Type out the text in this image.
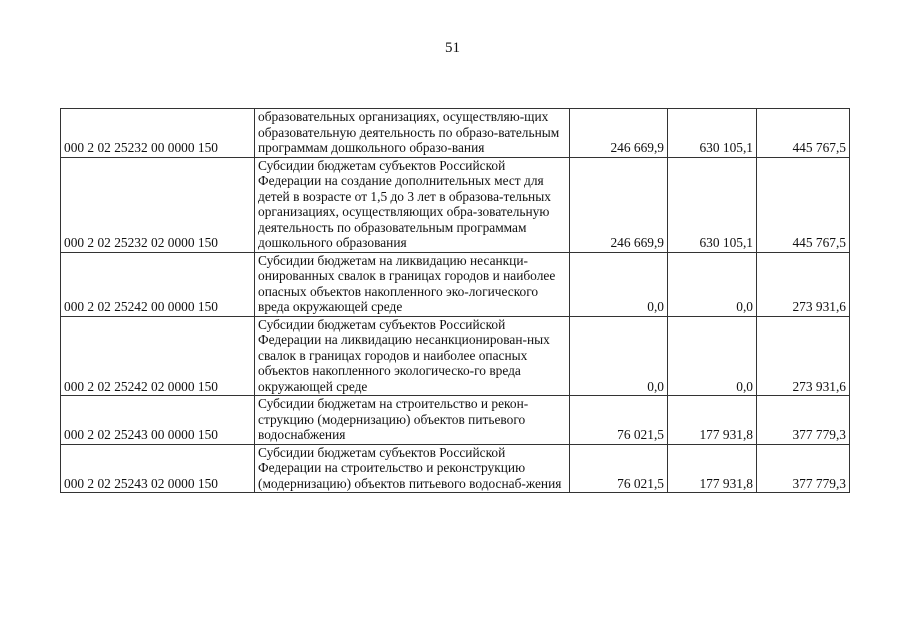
51
000 2 02 25232 00 0000 150	образовательных организациях, осуществляю-щих образовательную деятельность по образо-вательным программам дошкольного образо-вания	246 669,9	630 105,1	445 767,5
000 2 02 25232 02 0000 150	Субсидии бюджетам субъектов Российской Федерации на создание дополнительных мест для детей в возрасте от 1,5 до 3 лет в образова-тельных организациях, осуществляющих обра-зовательную деятельность по образовательным программам дошкольного образования	246 669,9	630 105,1	445 767,5
000 2 02 25242 00 0000 150	Субсидии бюджетам на ликвидацию несанкци-онированных свалок в границах городов и наиболее опасных объектов накопленного эко-логического вреда окружающей среде	0,0	0,0	273 931,6
000 2 02 25242 02 0000 150	Субсидии бюджетам субъектов Российской Федерации на ликвидацию несанкционирован-ных свалок в границах городов и наиболее опасных объектов накопленного экологическо-го вреда окружающей среде	0,0	0,0	273 931,6
000 2 02 25243 00 0000 150	Субсидии бюджетам на строительство и рекон-струкцию (модернизацию) объектов питьевого водоснабжения	76 021,5	177 931,8	377 779,3
000 2 02 25243 02 0000 150	Субсидии бюджетам субъектов Российской Федерации на строительство и реконструкцию (модернизацию) объектов питьевого водоснаб-жения	76 021,5	177 931,8	377 779,3
